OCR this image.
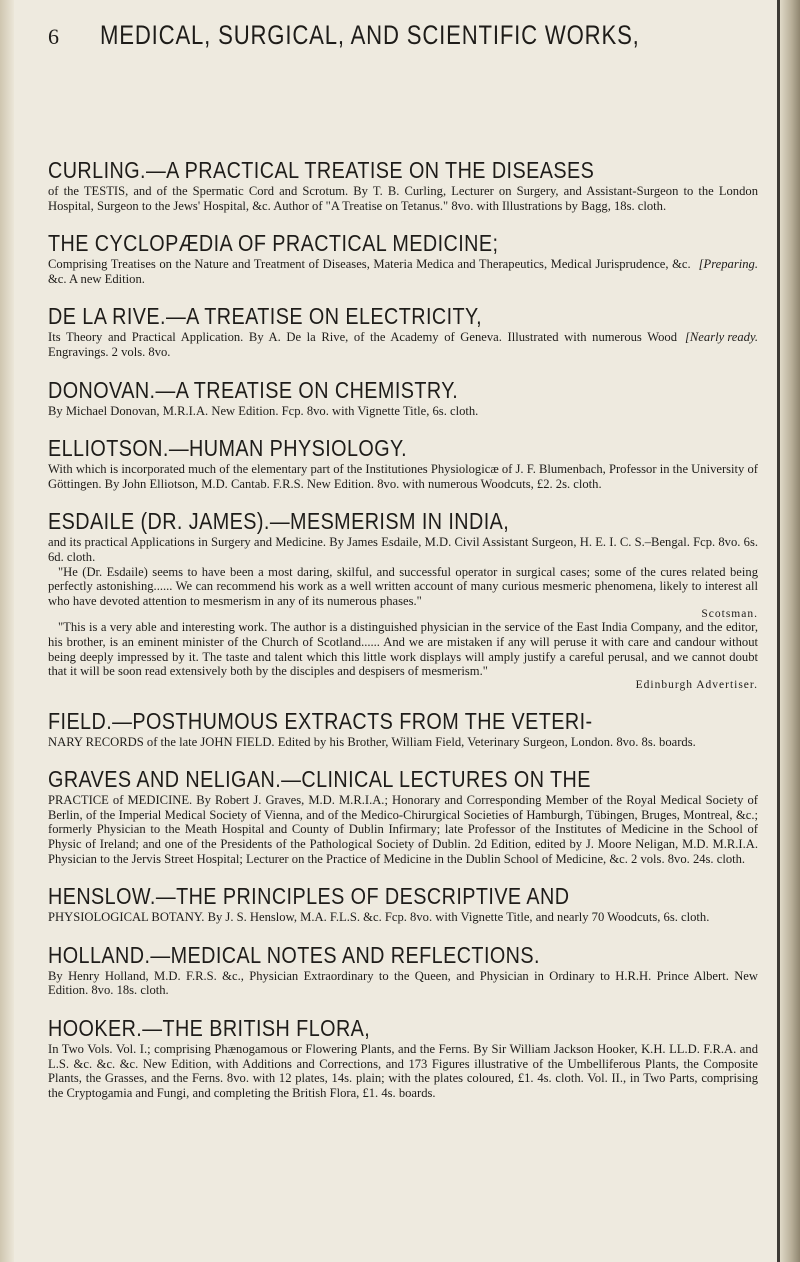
6	MEDICAL, SURGICAL, AND SCIENTIFIC WORKS,

CURLING.—A PRACTICAL TREATISE ON THE DISEASES

of the TESTIS, and of the Spermatic Cord and Scrotum. By T. B. Curling, Lecturer on Surgery, and Assistant-Surgeon to the London Hospital, Surgeon to the Jews' Hospital, &c. Author of "A Treatise on Tetanus." 8vo. with Illustrations by Bagg, 18s. cloth.

THE CYCLOPÆDIA OF PRACTICAL MEDICINE;

[Preparing.
Comprising Treatises on the Nature and Treatment of Diseases, Materia Medica and Therapeutics, Medical Jurisprudence, &c. &c. A new Edition.

DE LA RIVE.—A TREATISE ON ELECTRICITY,

[Nearly ready.
Its Theory and Practical Application. By A. De la Rive, of the Academy of Geneva. Illustrated with numerous Wood Engravings. 2 vols. 8vo.

DONOVAN.—A TREATISE ON CHEMISTRY.

By Michael Donovan, M.R.I.A. New Edition. Fcp. 8vo. with Vignette Title, 6s. cloth.

ELLIOTSON.—HUMAN PHYSIOLOGY.

With which is incorporated much of the elementary part of the Institutiones Physiologicæ of J. F. Blumenbach, Professor in the University of Göttingen. By John Elliotson, M.D. Cantab. F.R.S. New Edition. 8vo. with numerous Woodcuts, £2. 2s. cloth.

ESDAILE (DR. JAMES).—MESMERISM IN INDIA,

and its practical Applications in Surgery and Medicine. By James Esdaile, M.D. Civil Assistant Surgeon, H. E. I. C. S.–Bengal. Fcp. 8vo. 6s. 6d. cloth.

"He (Dr. Esdaile) seems to have been a most daring, skilful, and successful operator in surgical cases; some of the cures related being perfectly astonishing...... We can recommend his work as a well written account of many curious mesmeric phenomena, likely to interest all who have devoted attention to mesmerism in any of its numerous phases."

Scotsman.

"This is a very able and interesting work. The author is a distinguished physician in the service of the East India Company, and the editor, his brother, is an eminent minister of the Church of Scotland...... And we are mistaken if any will peruse it with care and candour without being deeply impressed by it. The taste and talent which this little work displays will amply justify a careful perusal, and we cannot doubt that it will be soon read extensively both by the disciples and despisers of mesmerism."

Edinburgh Advertiser.

FIELD.—POSTHUMOUS EXTRACTS FROM THE VETERI-

NARY RECORDS of the late JOHN FIELD. Edited by his Brother, William Field, Veterinary Surgeon, London. 8vo. 8s. boards.

GRAVES AND NELIGAN.—CLINICAL LECTURES ON THE

PRACTICE of MEDICINE. By Robert J. Graves, M.D. M.R.I.A.; Honorary and Corresponding Member of the Royal Medical Society of Berlin, of the Imperial Medical Society of Vienna, and of the Medico-Chirurgical Societies of Hamburgh, Tübingen, Bruges, Montreal, &c.; formerly Physician to the Meath Hospital and County of Dublin Infirmary; late Professor of the Institutes of Medicine in the School of Physic of Ireland; and one of the Presidents of the Pathological Society of Dublin. 2d Edition, edited by J. Moore Neligan, M.D. M.R.I.A. Physician to the Jervis Street Hospital; Lecturer on the Practice of Medicine in the Dublin School of Medicine, &c. 2 vols. 8vo. 24s. cloth.

HENSLOW.—THE PRINCIPLES OF DESCRIPTIVE AND

PHYSIOLOGICAL BOTANY. By J. S. Henslow, M.A. F.L.S. &c. Fcp. 8vo. with Vignette Title, and nearly 70 Woodcuts, 6s. cloth.

HOLLAND.—MEDICAL NOTES AND REFLECTIONS.

By Henry Holland, M.D. F.R.S. &c., Physician Extraordinary to the Queen, and Physician in Ordinary to H.R.H. Prince Albert. New Edition. 8vo. 18s. cloth.

HOOKER.—THE BRITISH FLORA,

In Two Vols. Vol. I.; comprising Phænogamous or Flowering Plants, and the Ferns. By Sir William Jackson Hooker, K.H. LL.D. F.R.A. and L.S. &c. &c. &c. New Edition, with Additions and Corrections, and 173 Figures illustrative of the Umbelliferous Plants, the Composite Plants, the Grasses, and the Ferns. 8vo. with 12 plates, 14s. plain; with the plates coloured, £1. 4s. cloth. Vol. II., in Two Parts, comprising the Cryptogamia and Fungi, and completing the British Flora, £1. 4s. boards.
